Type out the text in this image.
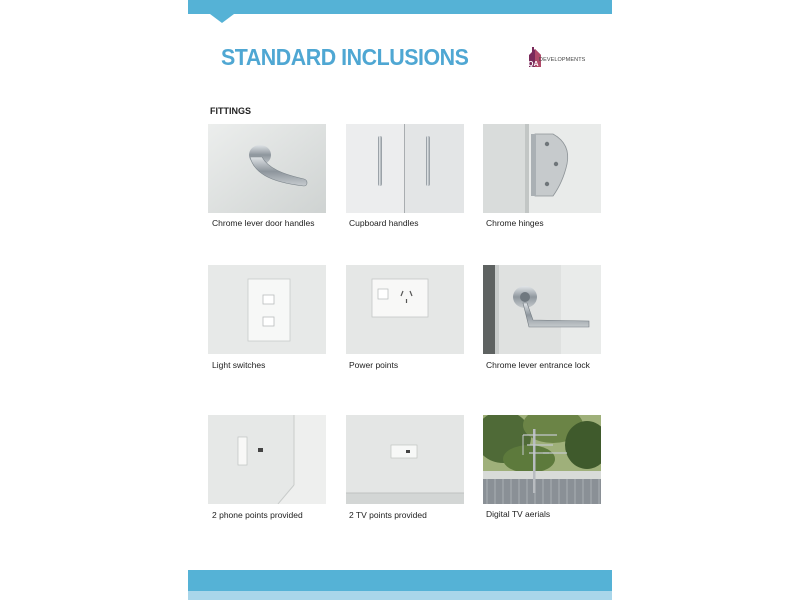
STANDARD INCLUSIONS	QA
DEVELOPMENTS
FITTINGS
Chrome lever door handles	Cupboard handles	Chrome hinges
Light switches	Power points	Chrome lever entrance lock
2 phone points provided	2 TV points provided	Digital TV aerials
